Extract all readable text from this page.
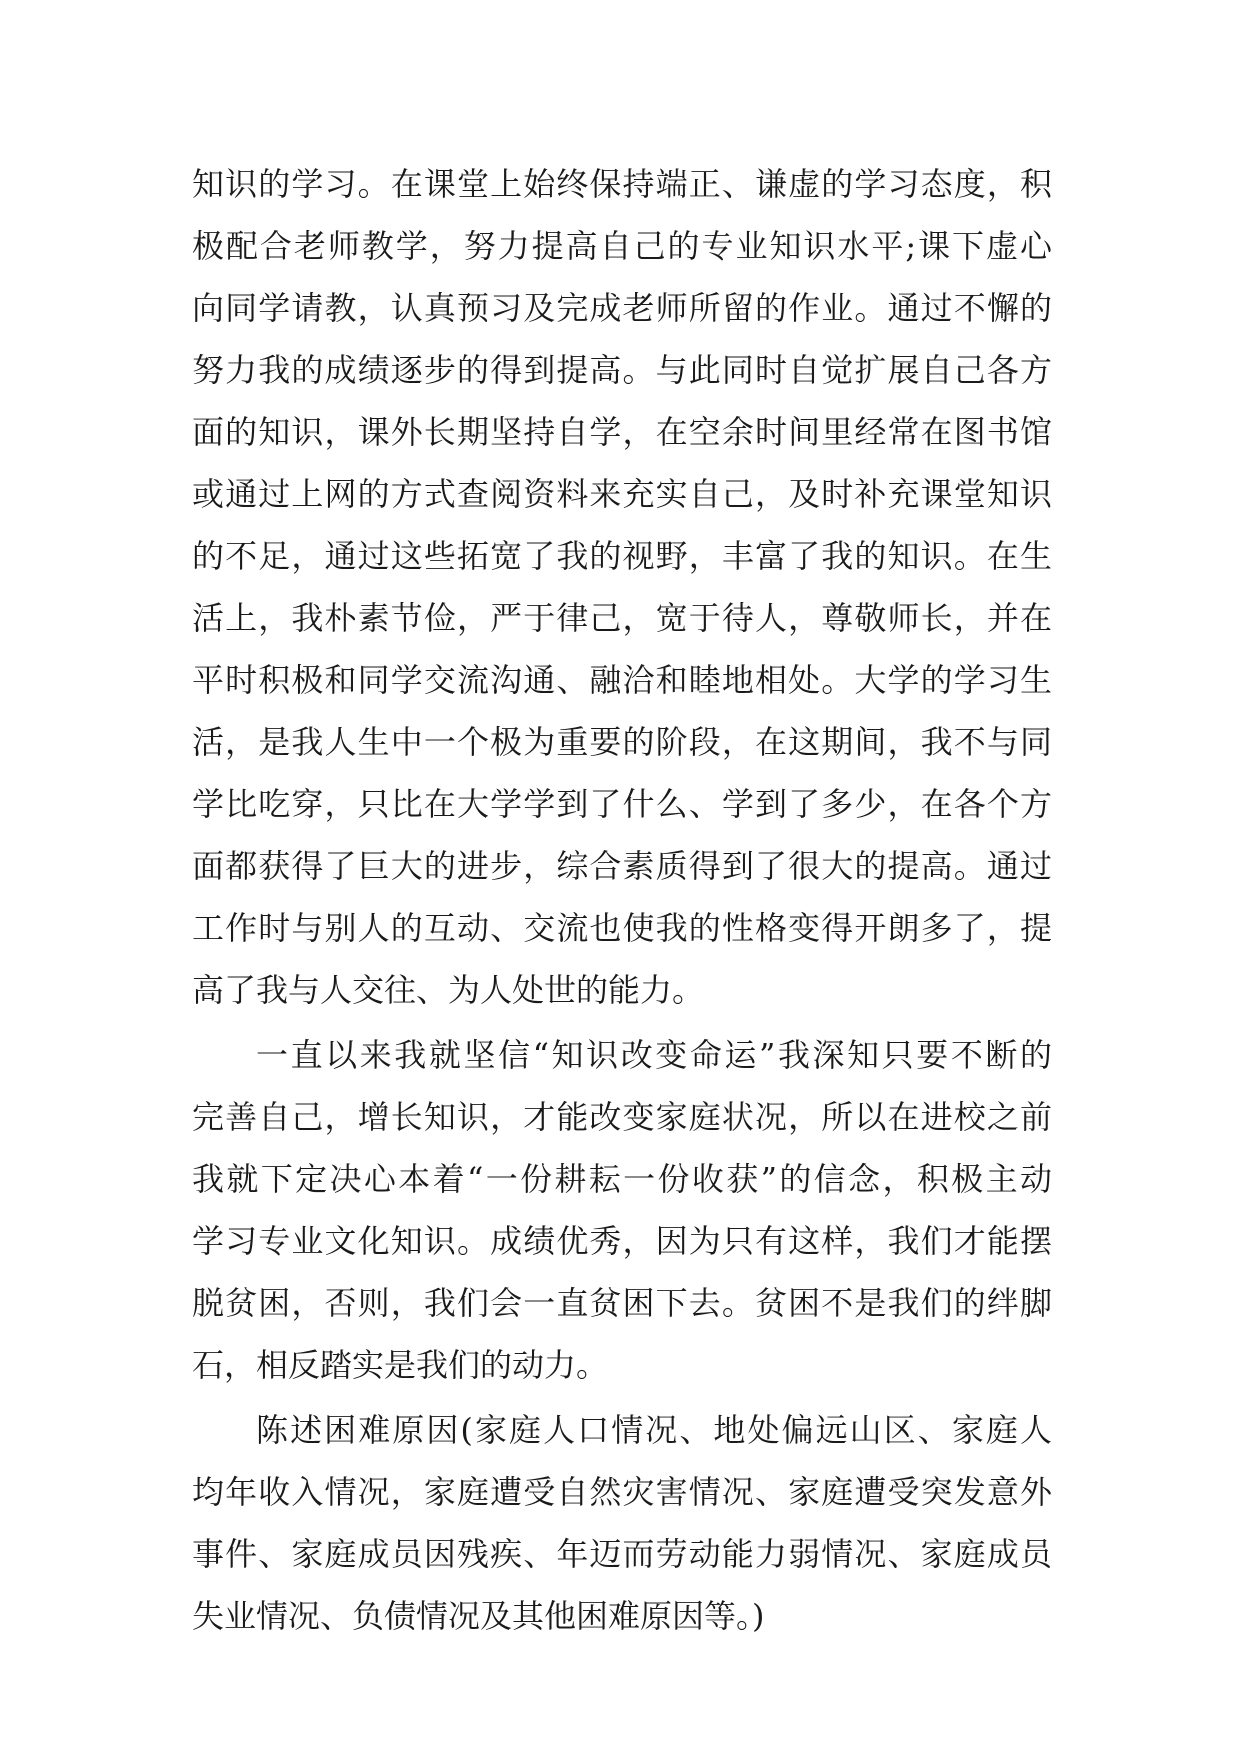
知识的学习。在课堂上始终保持端正、谦虚的学习态度，积
极配合老师教学，努力提高自己的专业知识水平;课下虚心
向同学请教，认真预习及完成老师所留的作业。通过不懈的
努力我的成绩逐步的得到提高。与此同时自觉扩展自己各方
面的知识，课外长期坚持自学，在空余时间里经常在图书馆
或通过上网的方式查阅资料来充实自己，及时补充课堂知识
的不足，通过这些拓宽了我的视野，丰富了我的知识。在生
活上，我朴素节俭，严于律己，宽于待人，尊敬师长，并在
平时积极和同学交流沟通、融洽和睦地相处。大学的学习生
活，是我人生中一个极为重要的阶段，在这期间，我不与同
学比吃穿，只比在大学学到了什么、学到了多少，在各个方
面都获得了巨大的进步，综合素质得到了很大的提高。通过
工作时与别人的互动、交流也使我的性格变得开朗多了，提
高了我与人交往、为人处世的能力。
一直以来我就坚信“知识改变命运”我深知只要不断的
完善自己，增长知识，才能改变家庭状况，所以在进校之前
我就下定决心本着“一份耕耘一份收获”的信念，积极主动
学习专业文化知识。成绩优秀，因为只有这样，我们才能摆
脱贫困，否则，我们会一直贫困下去。贫困不是我们的绊脚
石，相反踏实是我们的动力。
陈述困难原因(家庭人口情况、地处偏远山区、家庭人
均年收入情况，家庭遭受自然灾害情况、家庭遭受突发意外
事件、家庭成员因残疾、年迈而劳动能力弱情况、家庭成员
失业情况、负债情况及其他困难原因等。)
